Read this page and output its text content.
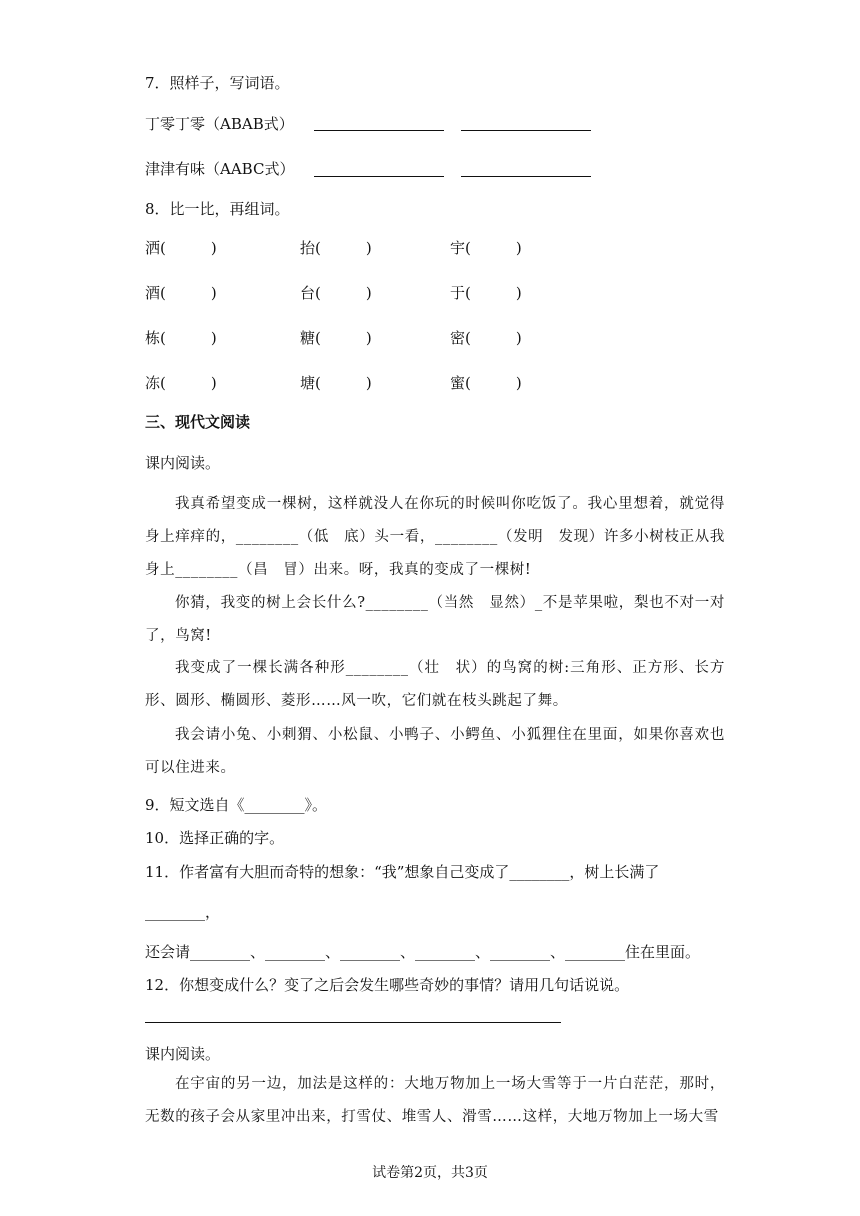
7．照样子，写词语。
丁零丁零（ABAB式）
津津有味（AABC式）
8．比一比，再组词。
洒(　　　)	抬(　　　)	宇(　　　)
酒(　　　)	台(　　　)	于(　　　)
栋(　　　)	糖(　　　)	密(　　　)
冻(　　　)	塘(　　　)	蜜(　　　)
三、现代文阅读
课内阅读。
我真希望变成一棵树，这样就没人在你玩的时候叫你吃饭了。我心里想着，就觉得身上痒痒的，________（低　底）头一看，________（发明　发现）许多小树枝正从我身上________（昌　冒）出来。呀，我真的变成了一棵树!
你猜，我变的树上会长什么?________（当然　显然）_不是苹果啦，梨也不对一对了，鸟窝!
我变成了一棵长满各种形________（壮　状）的鸟窝的树:三角形、正方形、长方形、圆形、椭圆形、菱形……风一吹，它们就在枝头跳起了舞。
我会请小兔、小刺猬、小松鼠、小鸭子、小鳄鱼、小狐狸住在里面，如果你喜欢也可以住进来。
9．短文选自《________》。
10．选择正确的字。
11．作者富有大胆而奇特的想象：“我”想象自己变成了________，树上长满了
________，
还会请________、________、________、________、________、________住在里面。
12．你想变成什么？变了之后会发生哪些奇妙的事情？请用几句话说说。
课内阅读。
在宇宙的另一边，加法是这样的：大地万物加上一场大雪等于一片白茫茫，那时，无数的孩子会从家里冲出来，打雪仗、堆雪人、滑雪……这样，大地万物加上一场大雪
试卷第2页，共3页
